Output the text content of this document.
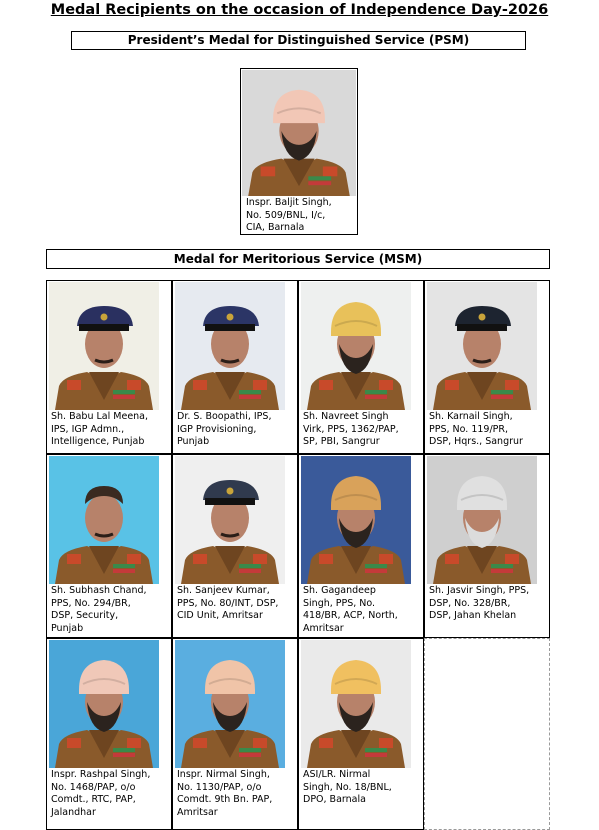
Medal Recipients on the occasion of Independence Day-2026
President’s Medal for Distinguished Service (PSM)
Inspr. Baljit Singh,
No. 509/BNL, I/c,
CIA, Barnala
Medal for Meritorious Service (MSM)
Sh. Babu Lal Meena,
IPS, IGP Admn.,
Intelligence, Punjab
Dr. S. Boopathi, IPS,
IGP Provisioning,
Punjab
Sh. Navreet Singh
Virk, PPS, 1362/PAP,
SP, PBI, Sangrur
Sh. Karnail Singh,
PPS, No. 119/PR,
DSP, Hqrs., Sangrur
Sh. Subhash Chand,
PPS, No. 294/BR,
DSP, Security,
Punjab
Sh. Sanjeev Kumar,
PPS, No. 80/INT, DSP,
CID Unit, Amritsar
Sh. Gagandeep
Singh, PPS, No.
418/BR, ACP, North,
Amritsar
Sh. Jasvir Singh, PPS,
DSP, No. 328/BR,
DSP, Jahan Khelan
Inspr. Rashpal Singh,
No. 1468/PAP, o/o
Comdt., RTC, PAP,
Jalandhar
Inspr. Nirmal Singh,
No. 1130/PAP, o/o
Comdt. 9th Bn. PAP,
Amritsar
ASI/LR. Nirmal
Singh, No. 18/BNL,
DPO, Barnala
